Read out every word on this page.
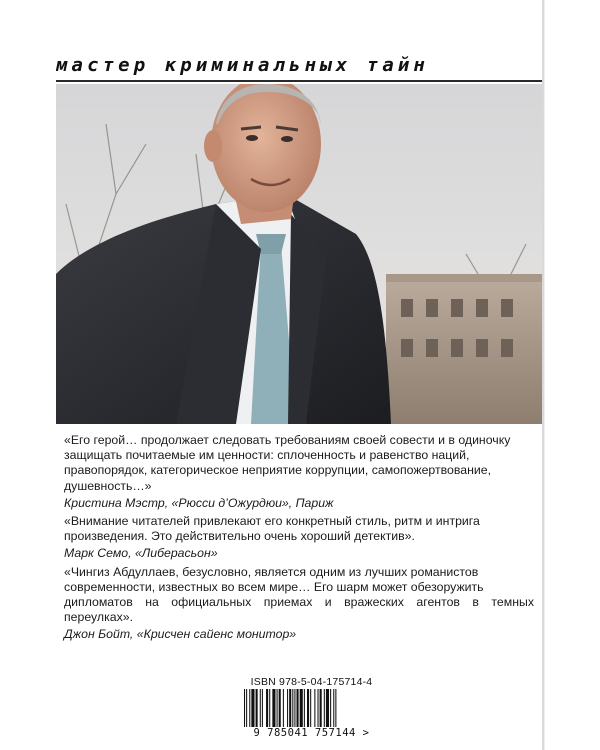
мастер криминальных тайн
«Его герой… продолжает следовать требованиям своей совести и в одиночку
защищать почитаемые им ценности: сплоченность и равенство наций,
правопорядок, категорическое неприятие коррупции, самопожертвование,
душевность…»
Кристина Мэстр, «Рюсси д’Ожурдюи», Париж
«Внимание читателей привлекают его конкретный стиль, ритм и интрига
произведения. Это действительно очень хороший детектив».
Марк Семо, «Либерасьон»
«Чингиз Абдуллаев, безусловно, является одним из лучших романистов
современности, известных во всем мире… Его шарм может обезоружить
дипломатов на официальных приемах и вражеских агентов в темных переулках».
Джон Бойт, «Крисчен сайенс монитор»
ISBN 978-5-04-175714-4
9 785041 757144 >
